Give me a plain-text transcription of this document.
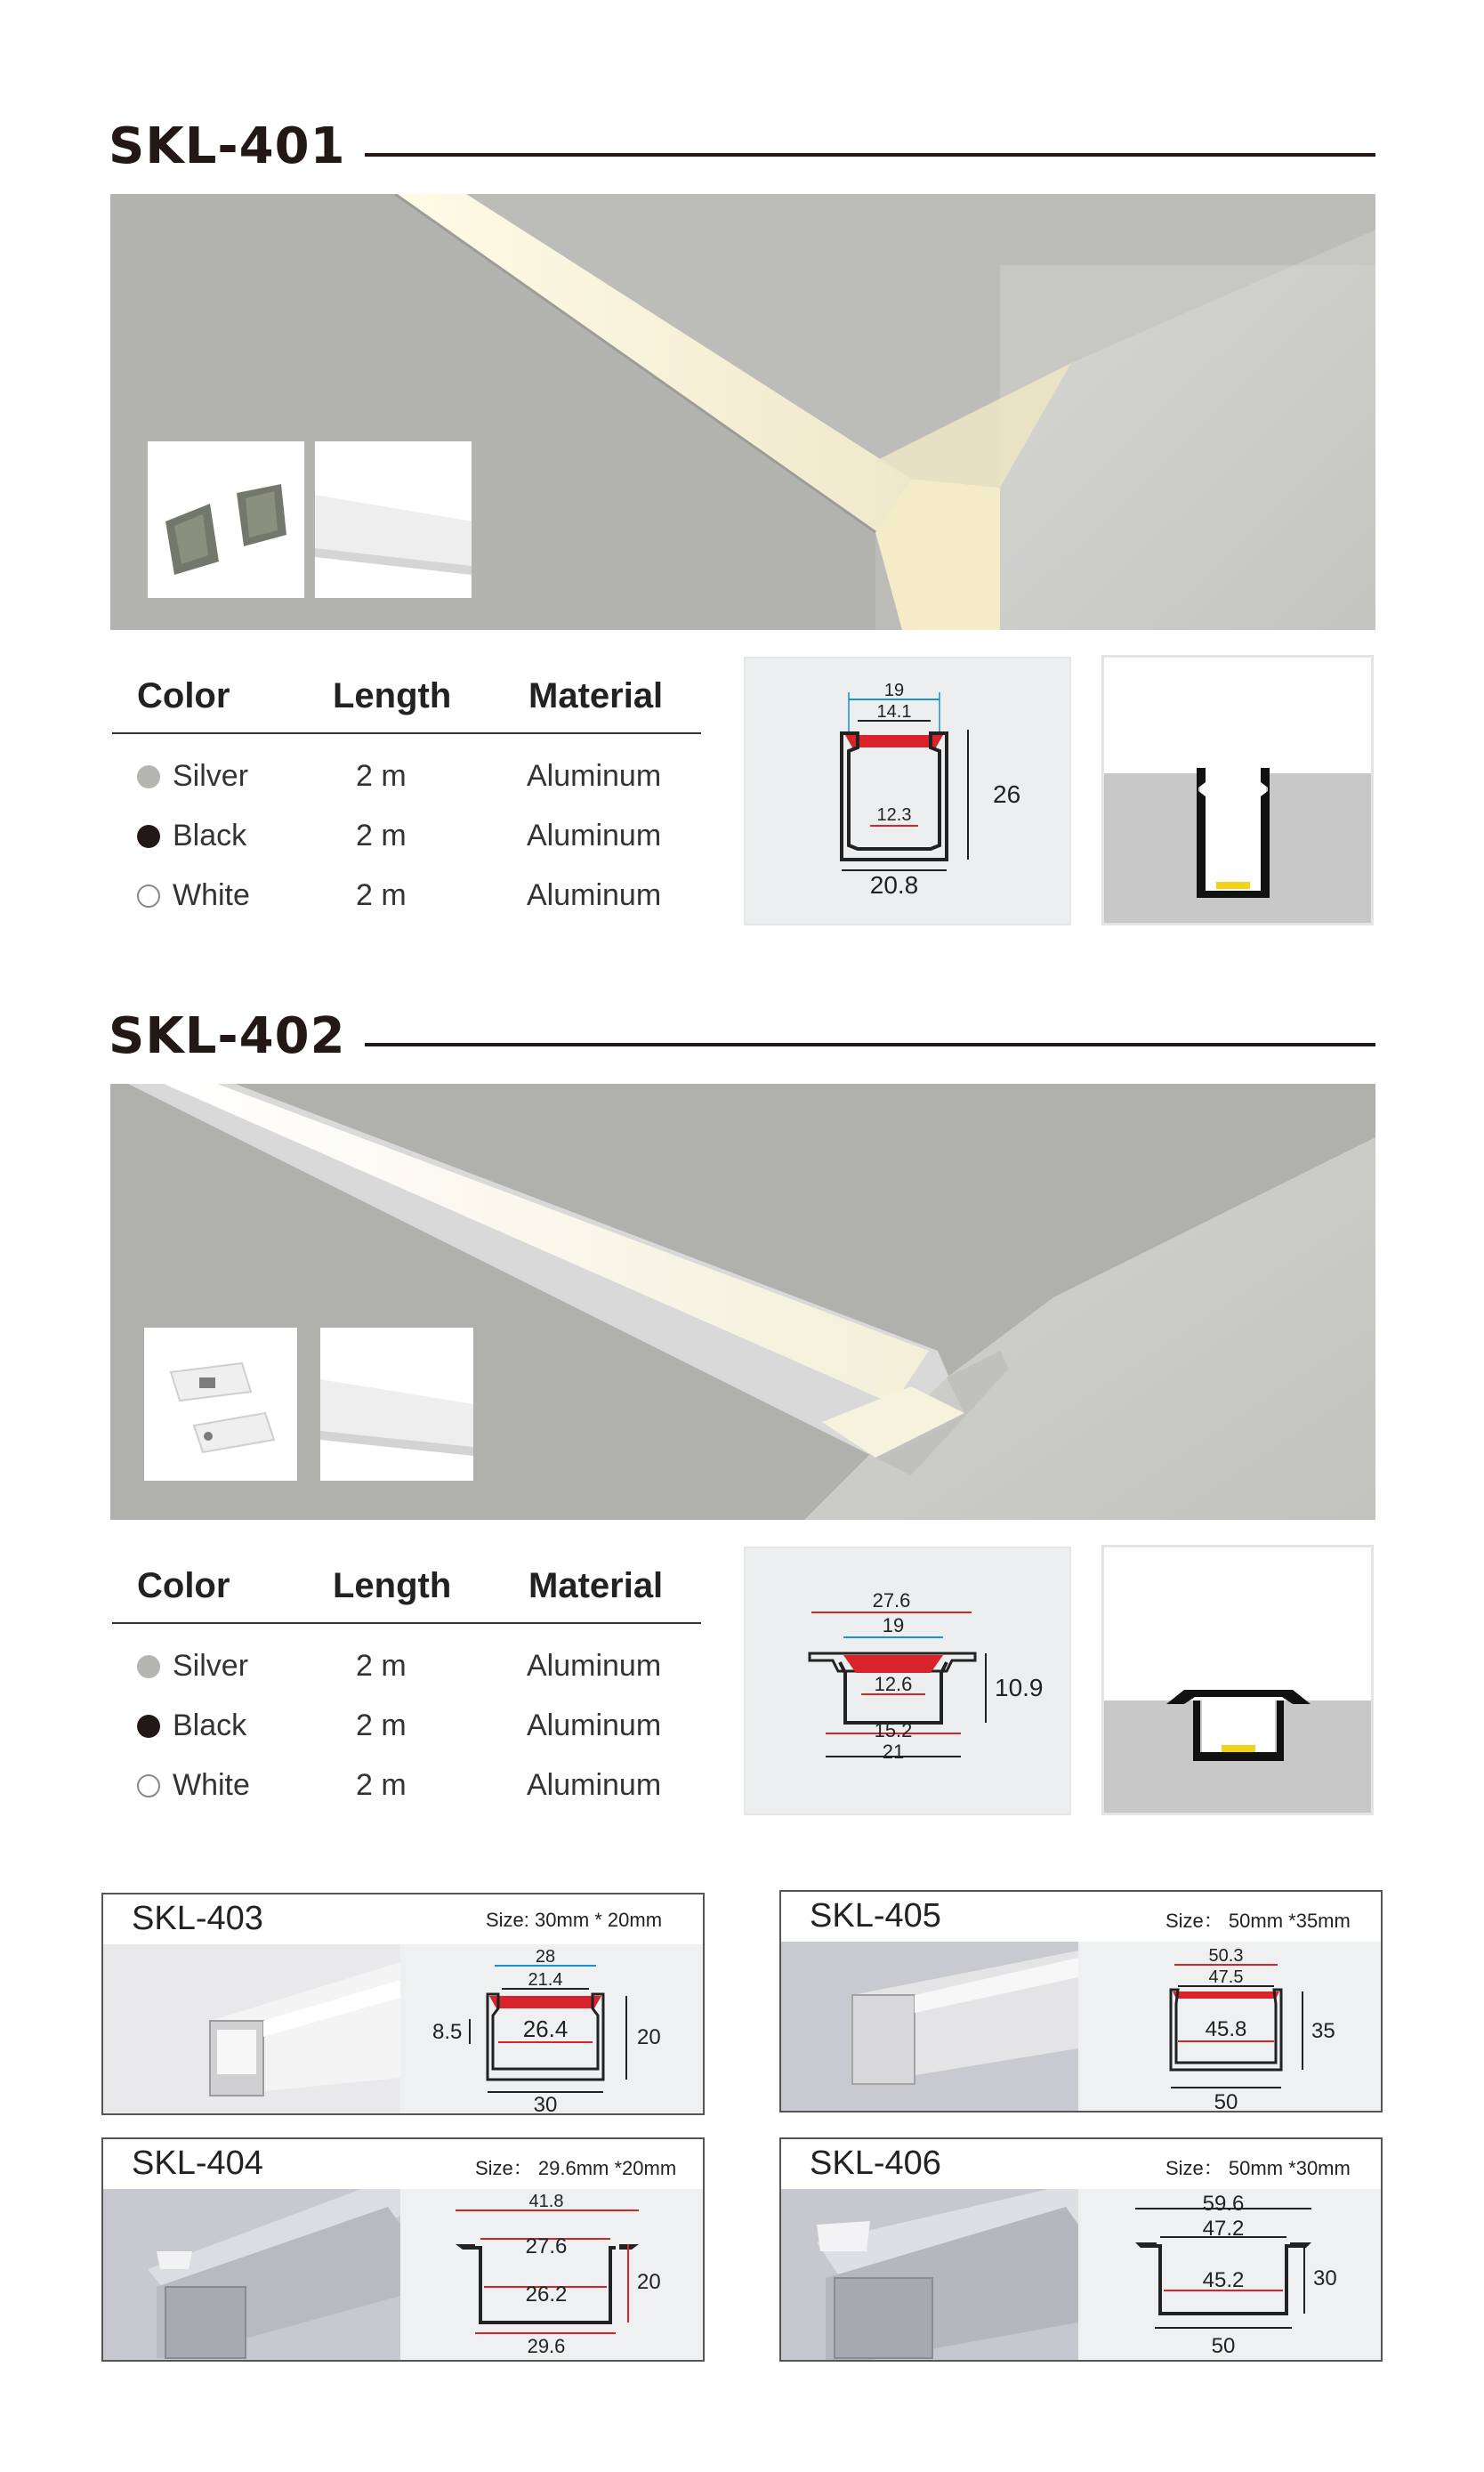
SKL-401
Color	Length Material
Silver	2 m	Aluminum
Black	2 m	Aluminum
White	2 m	Aluminum
19
14.1
12.3
26
20.8
SKL-402
Color	Length Material
Silver	2 m	Aluminum
Black	2 m	Aluminum
White	2 m	Aluminum
27.6
19
12.6	10.9
15.2
21
SKL-403	Size: 30mm * 20mm
28
21.4
26.4
8.5	20
30
SKL-405	Size： 50mm *35mm
50.3
47.5
45.8	35
50
SKL-404	Size： 29.6mm *20mm
41.8
27.6
26.2
20
29.6
SKL-406	Size： 50mm *30mm
59.6
47.2
45.2	30
50
